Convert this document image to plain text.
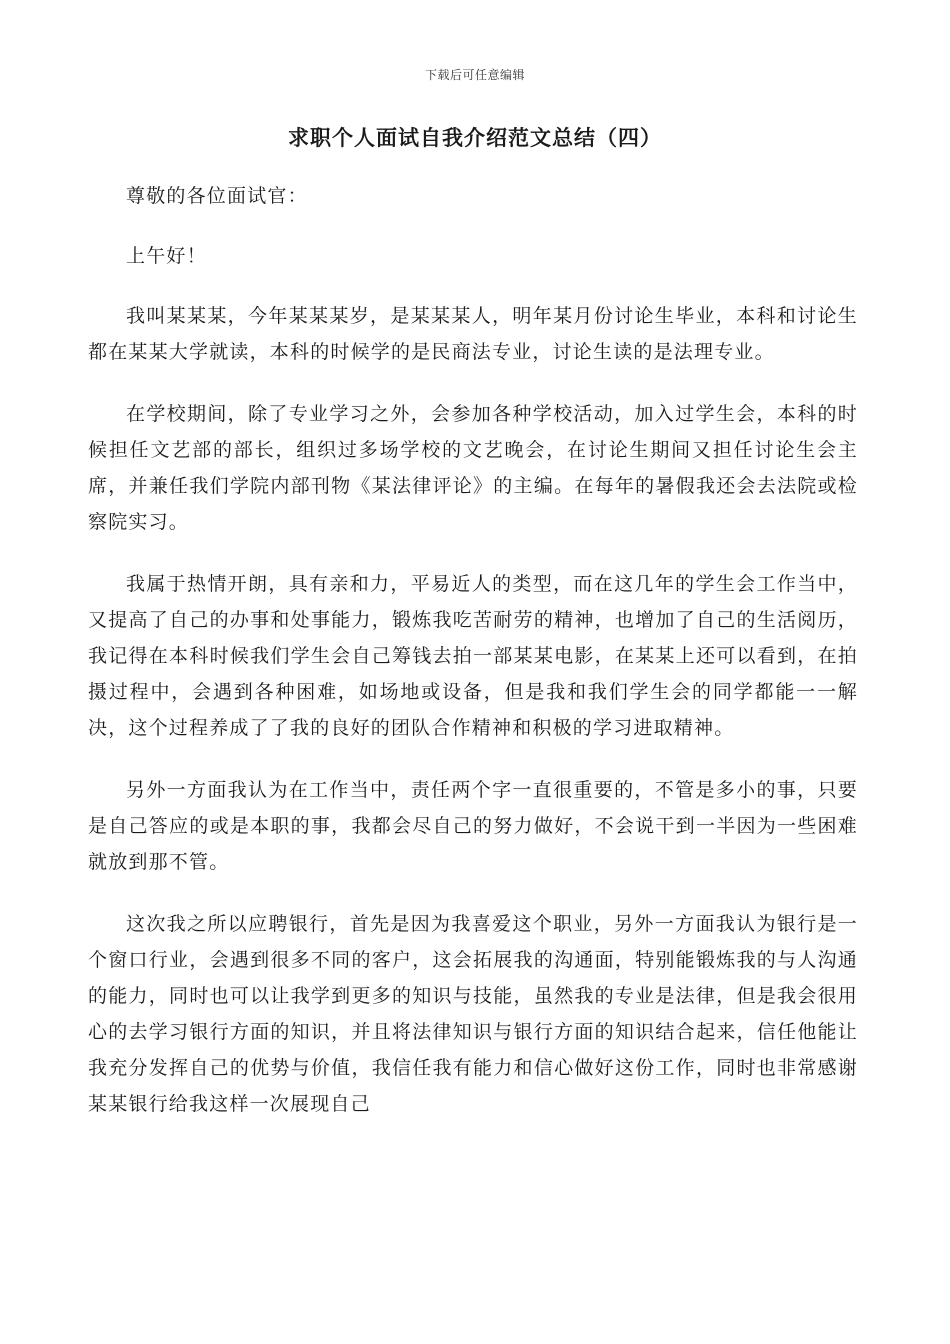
下载后可任意编辑
求职个人面试自我介绍范文总结（四）

尊敬的各位面试官：

上午好！

我叫某某某，今年某某某岁，是某某某人，明年某月份讨论生毕业，本科和讨论生都在某某大学就读，本科的时候学的是民商法专业，讨论生读的是法理专业。

在学校期间，除了专业学习之外，会参加各种学校活动，加入过学生会，本科的时候担任文艺部的部长，组织过多场学校的文艺晚会，在讨论生期间又担任讨论生会主席，并兼任我们学院内部刊物《某法律评论》的主编。在每年的暑假我还会去法院或检察院实习。

我属于热情开朗，具有亲和力，平易近人的类型，而在这几年的学生会工作当中，又提高了自己的办事和处事能力，锻炼我吃苦耐劳的精神，也增加了自己的生活阅历，我记得在本科时候我们学生会自己筹钱去拍一部某某电影，在某某上还可以看到，在拍摄过程中，会遇到各种困难，如场地或设备，但是我和我们学生会的同学都能一一解决，这个过程养成了了我的良好的团队合作精神和积极的学习进取精神。

另外一方面我认为在工作当中，责任两个字一直很重要的，不管是多小的事，只要是自己答应的或是本职的事，我都会尽自己的努力做好，不会说干到一半因为一些困难就放到那不管。

这次我之所以应聘银行，首先是因为我喜爱这个职业，另外一方面我认为银行是一个窗口行业，会遇到很多不同的客户，这会拓展我的沟通面，特别能锻炼我的与人沟通的能力，同时也可以让我学到更多的知识与技能，虽然我的专业是法律，但是我会很用心的去学习银行方面的知识，并且将法律知识与银行方面的知识结合起来，信任他能让我充分发挥自己的优势与价值，我信任我有能力和信心做好这份工作，同时也非常感谢某某银行给我这样一次展现自己
